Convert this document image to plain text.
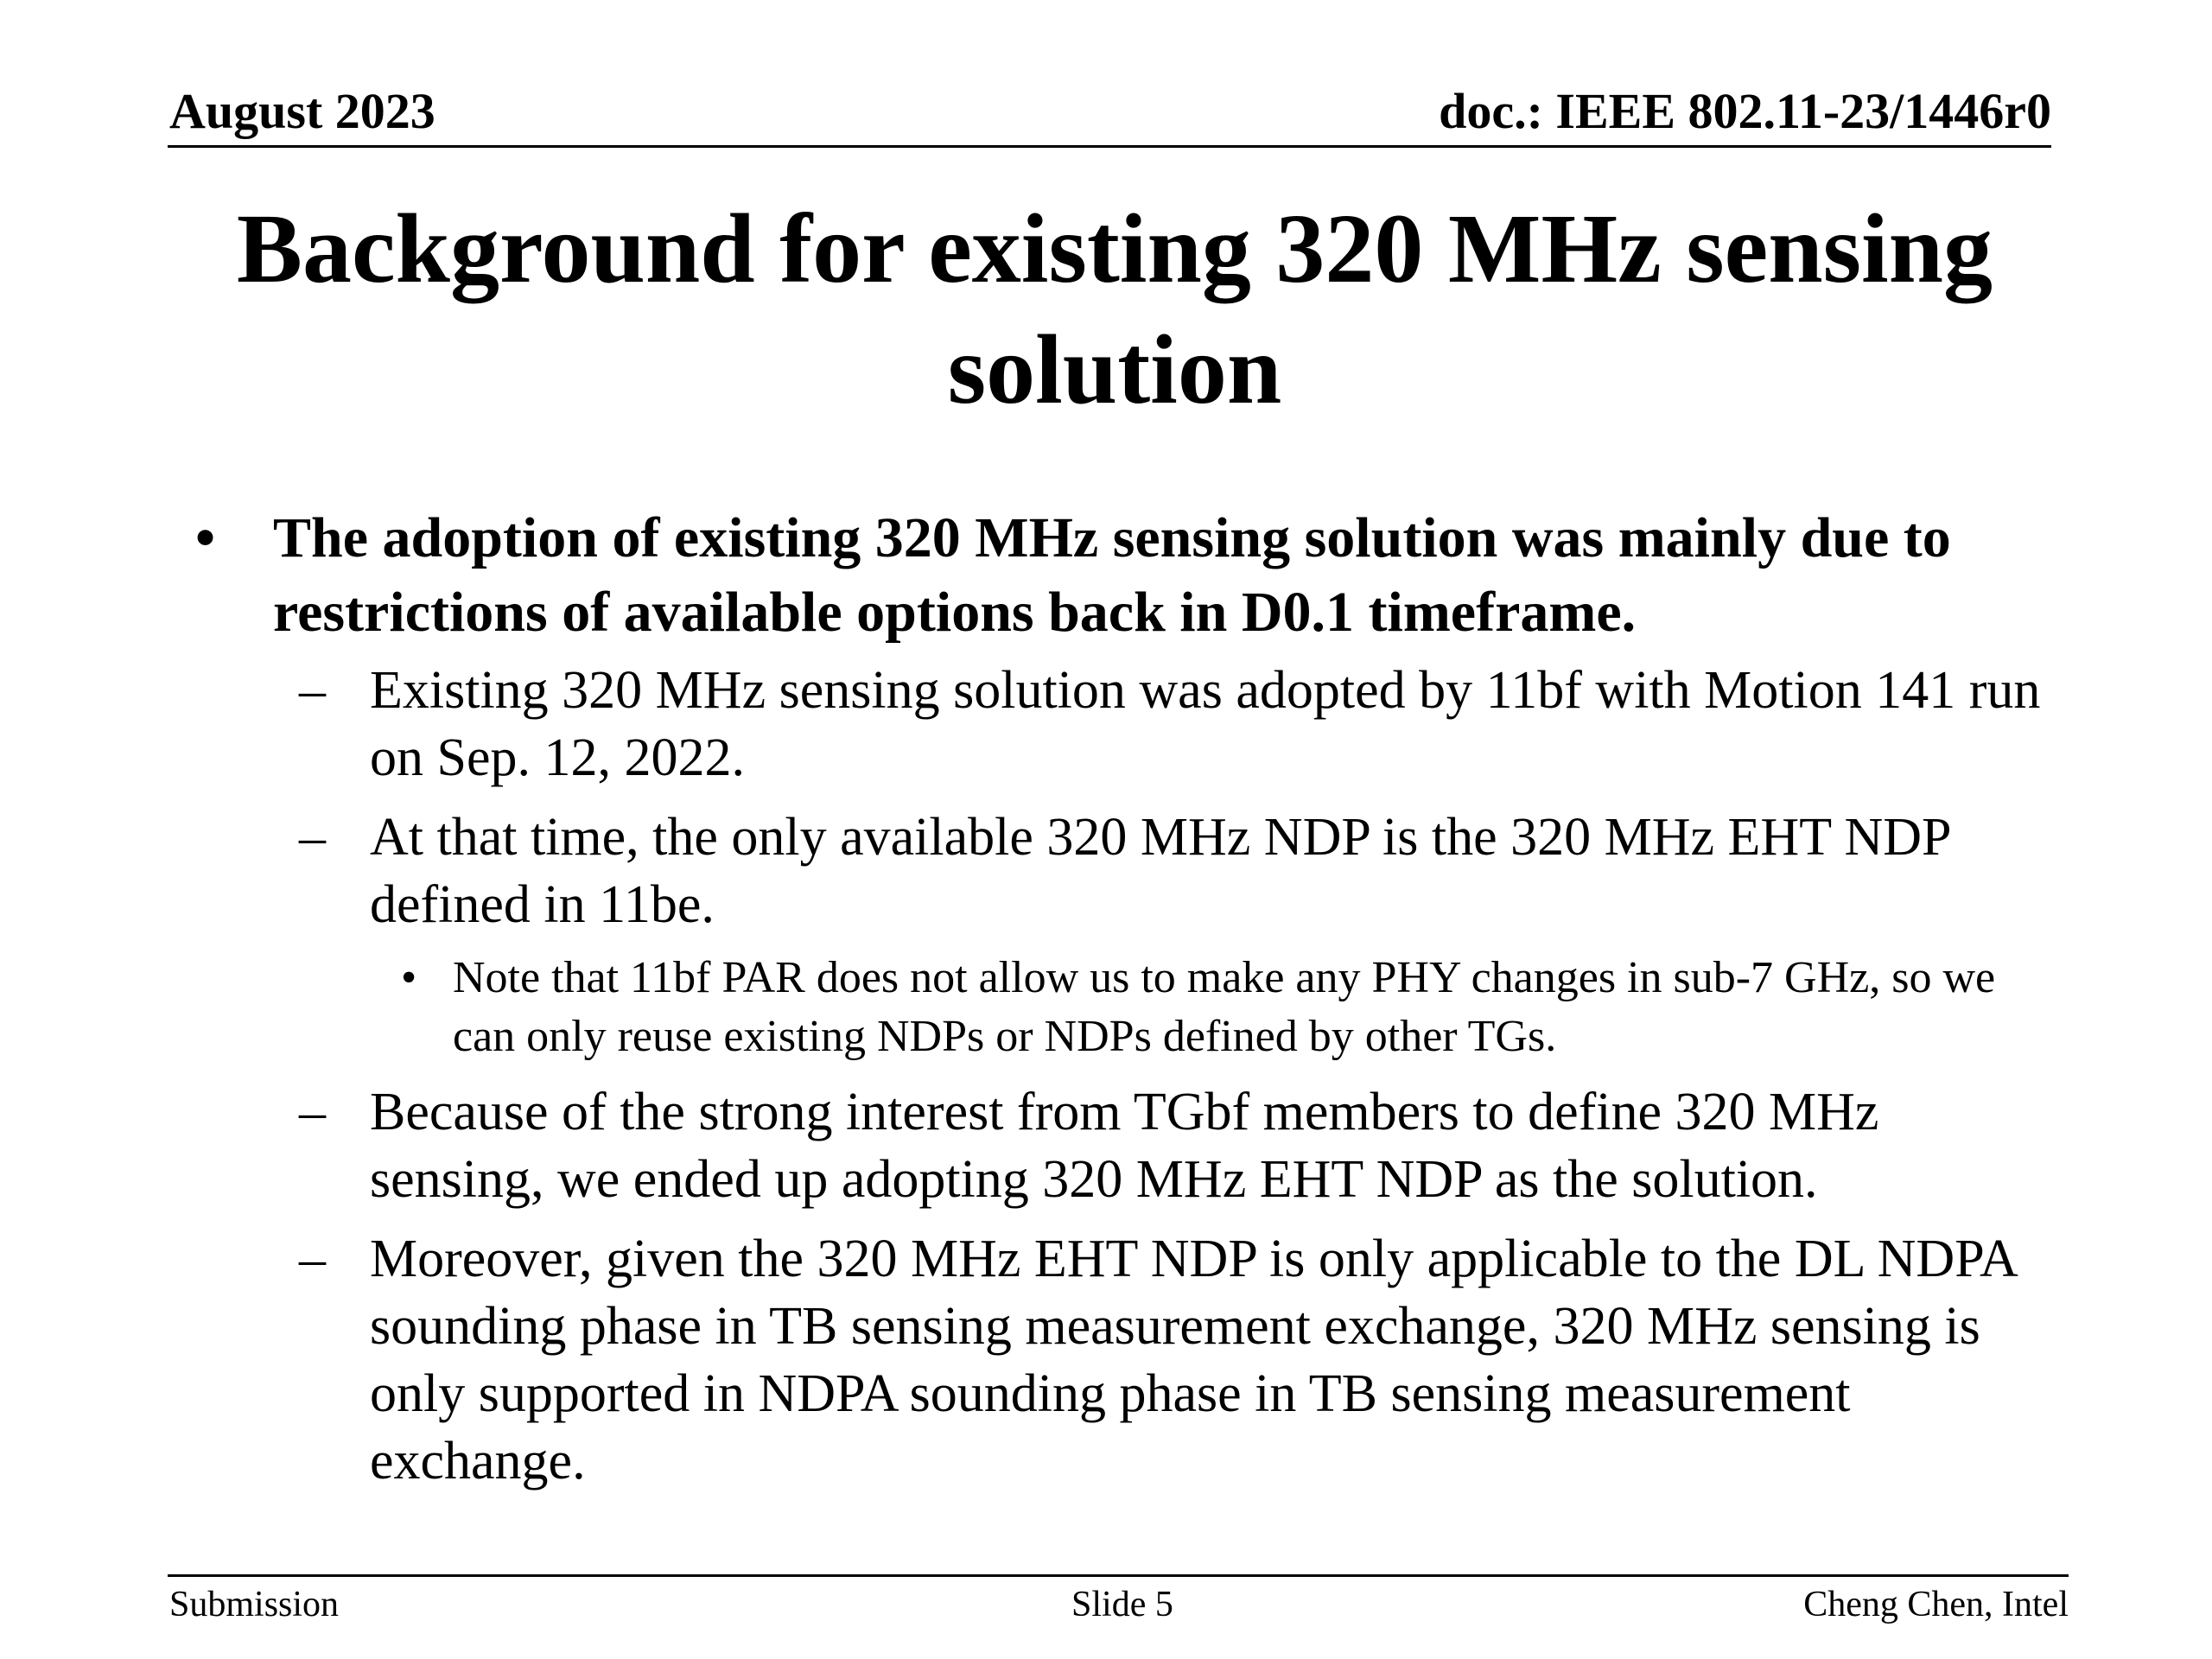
August 2023	doc.: IEEE 802.11-23/1446r0
Background for existing 320 MHz sensing
solution
• The adoption of existing 320 MHz sensing solution was mainly due to restrictions of available options back in D0.1 timeframe.
– Existing 320 MHz sensing solution was adopted by 11bf with Motion 141 run on Sep. 12, 2022.
– At that time, the only available 320 MHz NDP is the 320 MHz EHT NDP defined in 11be.
• Note that 11bf PAR does not allow us to make any PHY changes in sub-7 GHz, so we can only reuse existing NDPs or NDPs defined by other TGs.
– Because of the strong interest from TGbf members to define 320 MHz sensing, we ended up adopting 320 MHz EHT NDP as the solution.
– Moreover, given the 320 MHz EHT NDP is only applicable to the DL NDPA sounding phase in TB sensing measurement exchange, 320 MHz sensing is only supported in NDPA sounding phase in TB sensing measurement exchange.
Submission	Slide 5	Cheng Chen, Intel
